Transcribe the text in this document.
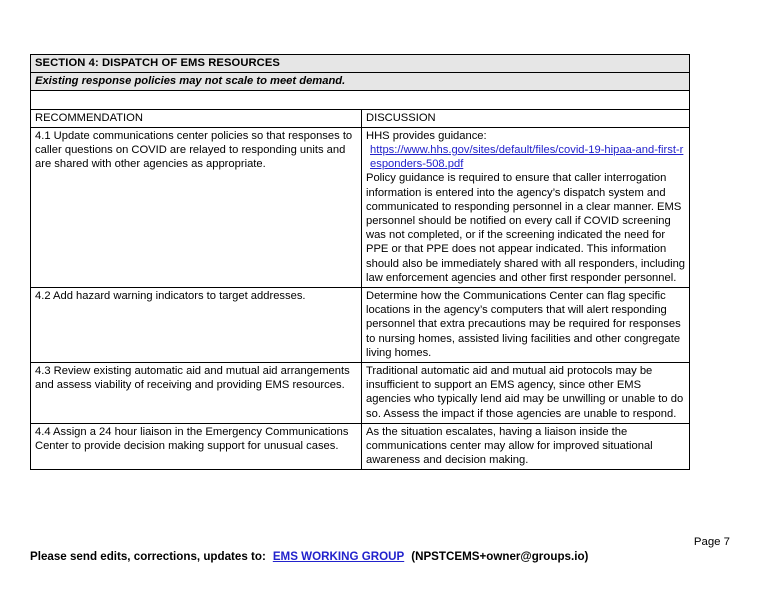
SECTION 4: DISPATCH OF EMS RESOURCES	
Existing response policies may not scale to meet demand.	

RECOMMENDATION	DISCUSSION

4.1 Update communications center policies so that responses to caller questions on COVID are relayed to responding units and are shared with other agencies as appropriate.	HHS provides guidance:
https://www.hhs.gov/sites/default/files/covid-19-hipaa-and-first-responders-508.pdf
Policy guidance is required to ensure that caller interrogation information is entered into the agency’s dispatch system and communicated to responding personnel in a clear manner. EMS personnel should be notified on every call if COVID screening was not completed, or if the screening indicated the need for PPE or that PPE does not appear indicated. This information should also be immediately shared with all responders, including law enforcement agencies and other first responder personnel.

4.2 Add hazard warning indicators to target addresses.	Determine how the Communications Center can flag specific locations in the agency’s computers that will alert responding personnel that extra precautions may be required for responses to nursing homes, assisted living facilities and other congregate living homes.

4.3 Review existing automatic aid and mutual aid arrangements and assess viability of receiving and providing EMS resources.	Traditional automatic aid and mutual aid protocols may be insufficient to support an EMS agency, since other EMS agencies who typically lend aid may be unwilling or unable to do so. Assess the impact if those agencies are unable to respond.

4.4 Assign a 24 hour liaison in the Emergency Communications Center to provide decision making support for unusual cases.	As the situation escalates, having a liaison inside the communications center may allow for improved situational awareness and decision making.
Page 7
Please send edits, corrections, updates to: EMS WORKING GROUP (NPSTCEMS+owner@groups.io)
